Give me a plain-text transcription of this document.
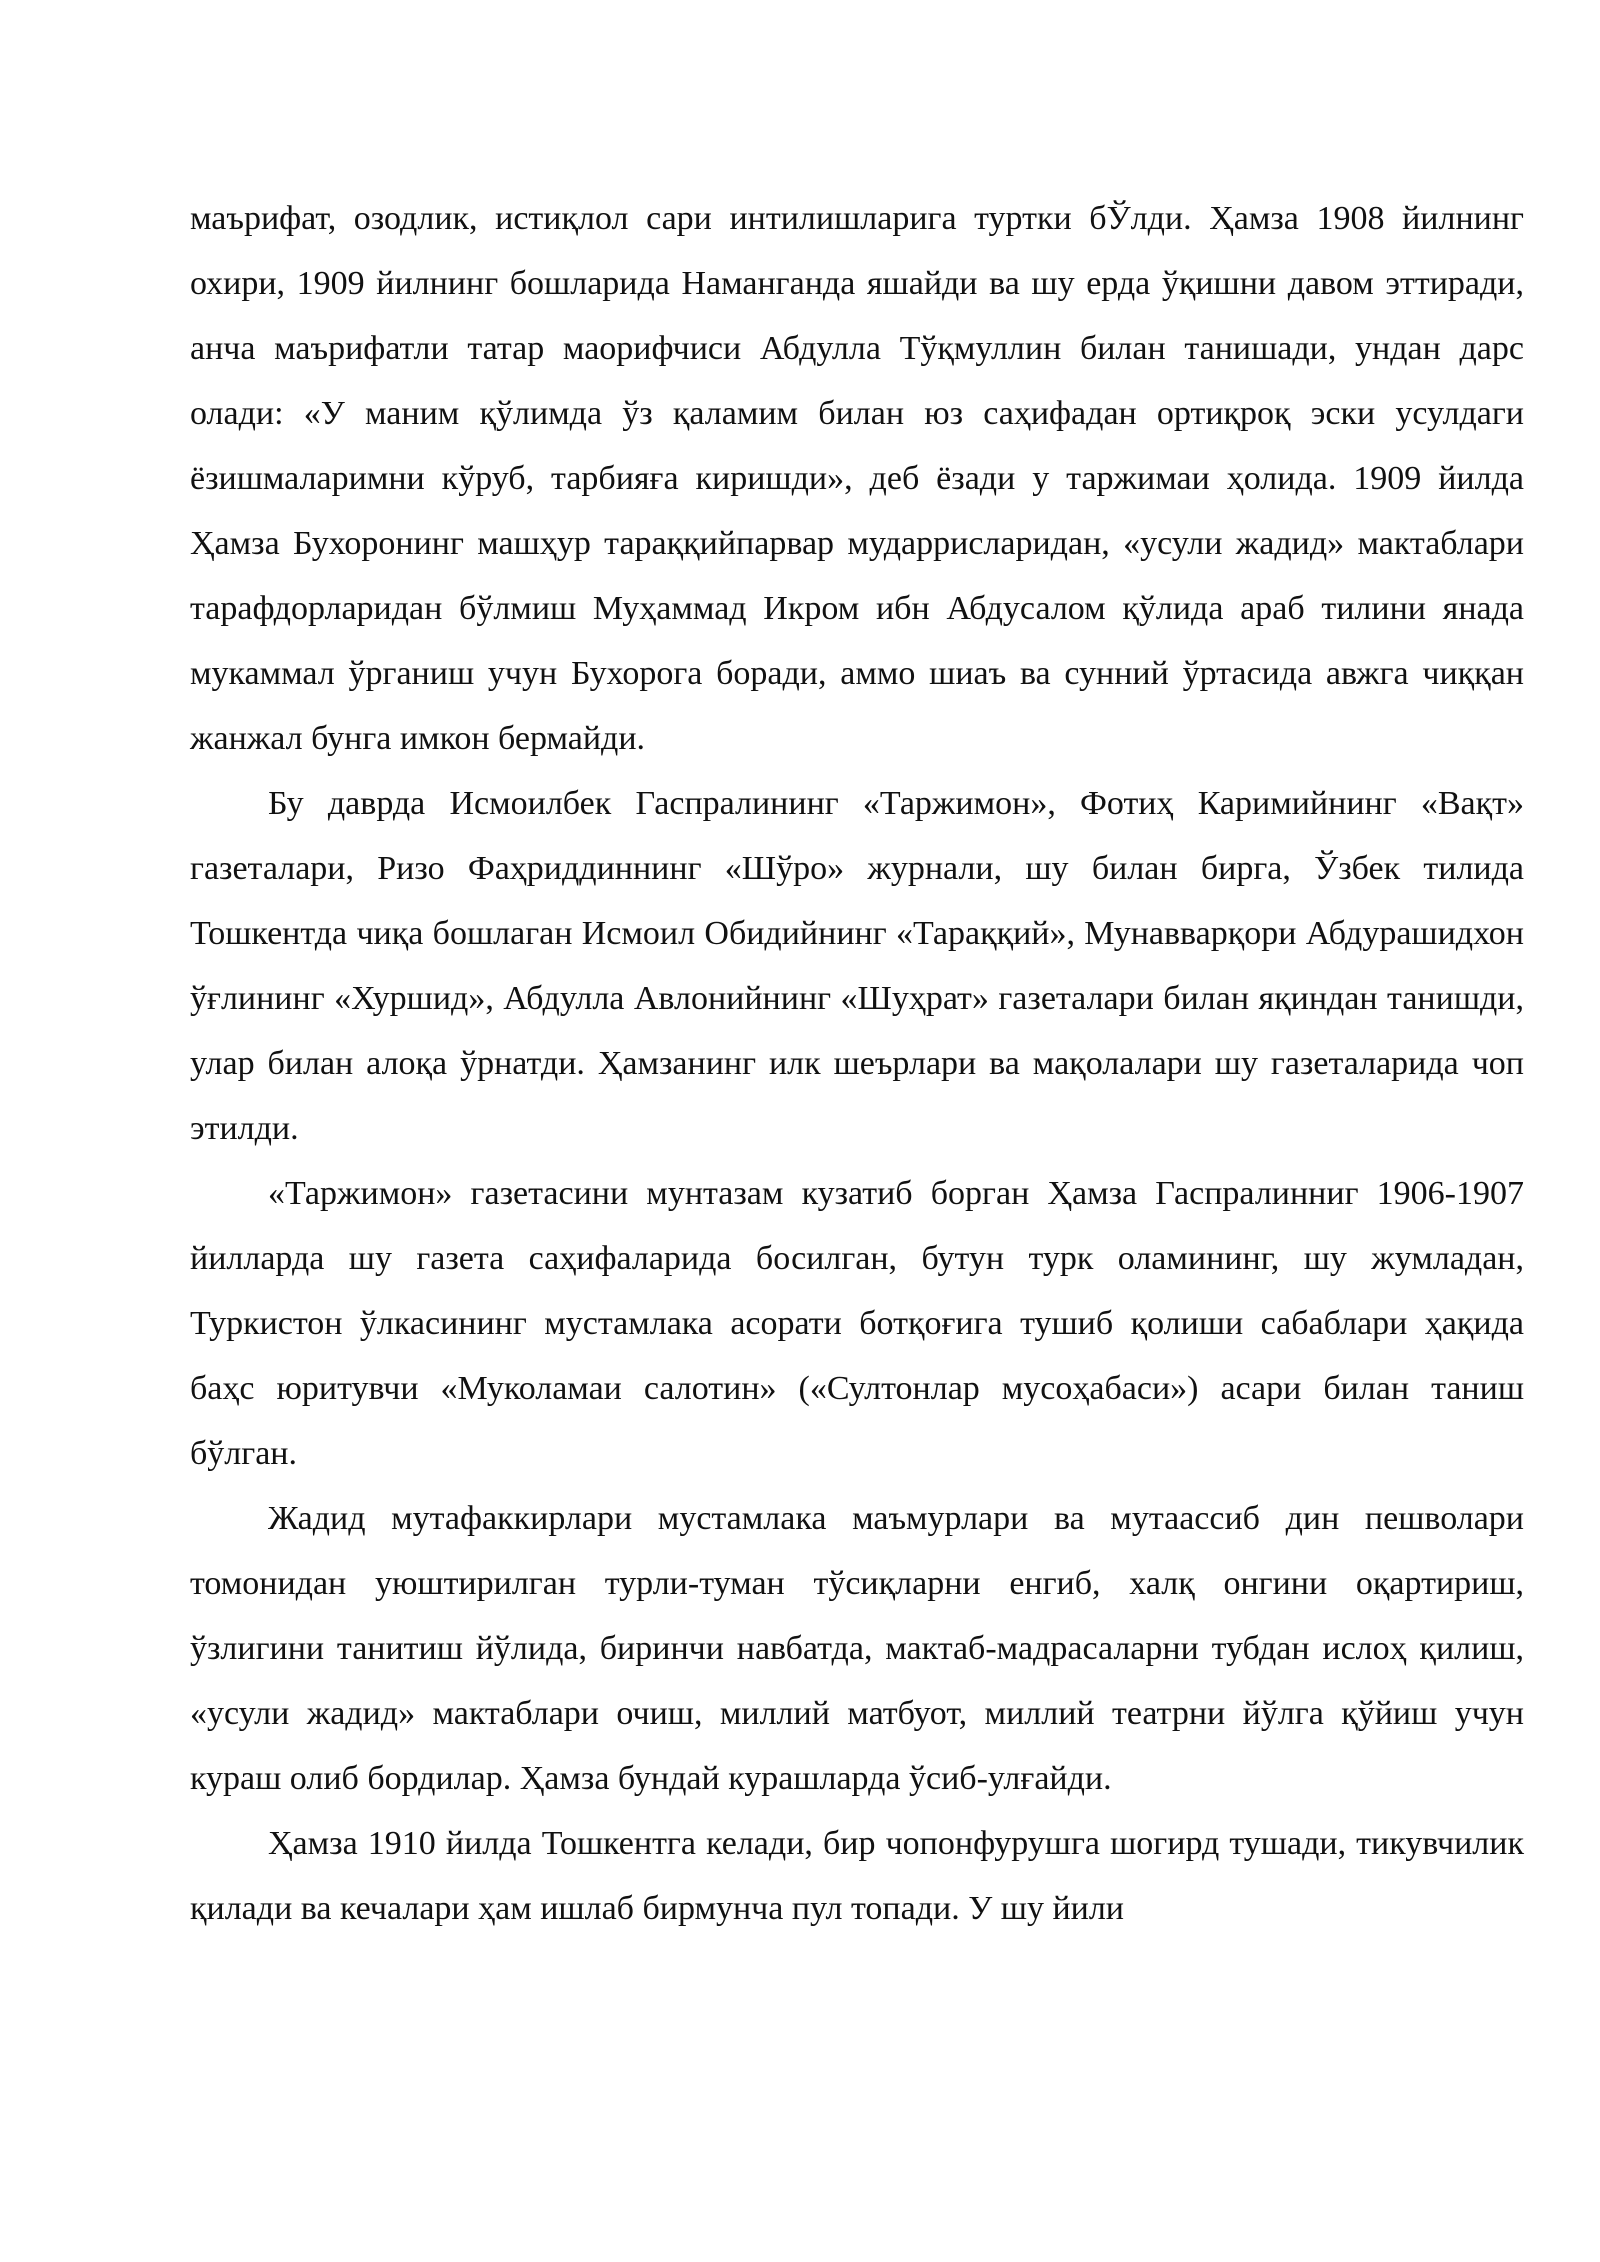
маърифат, озодлик, истиқлол сари интилишларига туртки бЎлди. Ҳамза 1908 йилнинг охири, 1909 йилнинг бошларида Наманганда яшайди ва шу ерда ўқишни давом эттиради, анча маърифатли татар маорифчиси Абдулла Тўқмуллин билан танишади, ундан дарс олади: «У маним қўлимда ўз қаламим билан юз саҳифадан ортиқроқ эски усулдаги ёзишмаларимни кўруб, тарбияға киришди», деб ёзади у таржимаи ҳолида. 1909 йилда Ҳамза Бухоронинг машҳур тараққийпарвар мударрисларидан, «усули жадид» мактаблари тарафдорларидан бўлмиш Муҳаммад Икром ибн Абдусалом қўлида араб тилини янада мукаммал ўрганиш учун Бухорога боради, аммо шиаъ ва сунний ўртасида авжга чиққан жанжал бунга имкон бермайди.

Бу даврда Исмоилбек Гаспралининг «Таржимон», Фотиҳ Каримийнинг «Вақт» газеталари, Ризо Фаҳриддиннинг «Шўро» журнали, шу билан бирга, Ўзбек тилида Тошкентда чиқа бошлаган Исмоил Обидийнинг «Тараққий», Мунавварқори Абдурашидхон ўғлининг «Хуршид», Абдулла Авлонийнинг «Шуҳрат» газеталари билан яқиндан танишди, улар билан алоқа ўрнатди. Ҳамзанинг илк шеърлари ва мақолалари шу газеталарида чоп этилди.

«Таржимон» газетасини мунтазам кузатиб борган Ҳамза Гаспралинниг 1906-1907 йилларда шу газета саҳифаларида босилган, бутун турк оламининг, шу жумладан, Туркистон ўлкасининг мустамлака асорати ботқоғига тушиб қолиши сабаблари ҳақида баҳс юритувчи «Муколамаи салотин» («Султонлар мусоҳабаси») асари билан таниш бўлган.

Жадид мутафаккирлари мустамлака маъмурлари ва мутаассиб дин пешволари томонидан уюштирилган турли-туман тўсиқларни енгиб, халқ онгини оқартириш, ўзлигини танитиш йўлида, биринчи навбатда, мактаб-мадрасаларни тубдан ислоҳ қилиш, «усули жадид» мактаблари очиш, миллий матбуот, миллий театрни йўлга қўйиш учун кураш олиб бордилар. Ҳамза бундай курашларда ўсиб-улғайди.

Ҳамза 1910 йилда Тошкентга келади, бир чопонфурушга шогирд тушади, тикувчилик қилади ва кечалари ҳам ишлаб бирмунча пул топади. У шу йили
